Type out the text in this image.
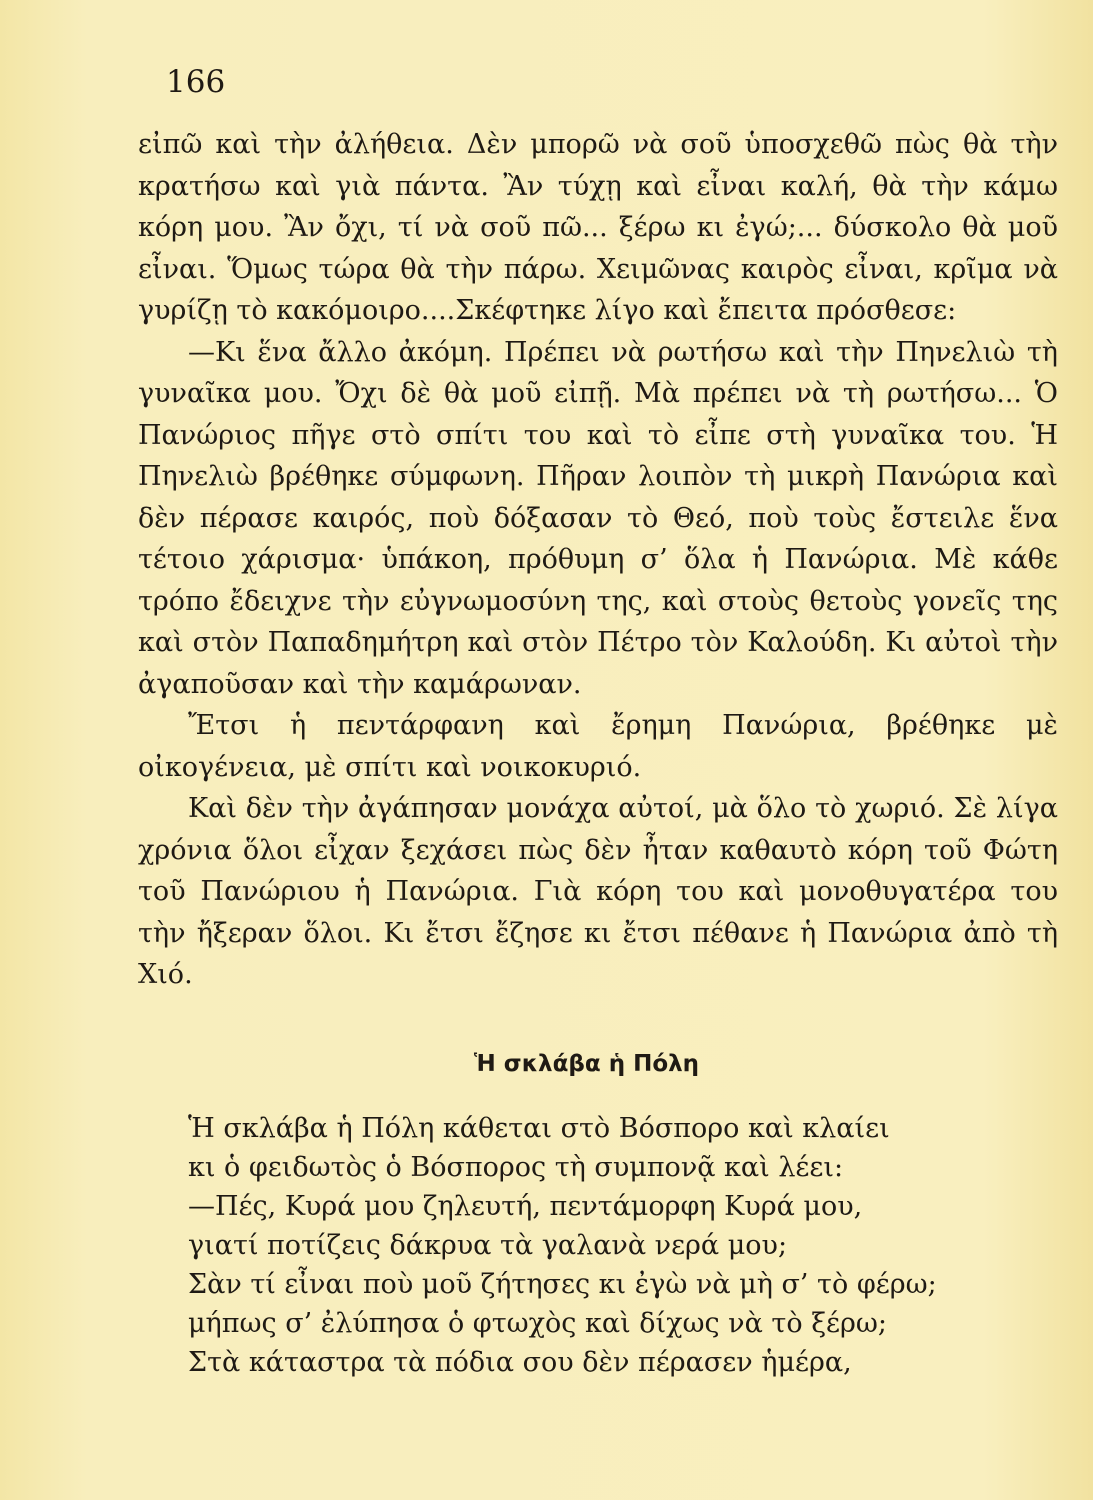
166

εἰπῶ καὶ τὴν ἀλήθεια. Δὲν μπορῶ νὰ σοῦ ὑποσχεθῶ πὼς θὰ τὴν κρατήσω καὶ γιὰ πάντα. Ἂν τύχῃ καὶ εἶναι καλή, θὰ τὴν κάμω κόρη μου. Ἂν ὄχι, τί νὰ σοῦ πῶ... ξέρω κι ἐγώ;... δύσκολο θὰ μοῦ εἶναι. Ὅμως τώρα θὰ τὴν πάρω. Χειμῶνας καιρὸς εἶναι, κρῖμα νὰ γυρίζῃ τὸ κακόμοιρο....Σκέφτηκε λίγο καὶ ἔπειτα πρόσθεσε:

—Κι ἕνα ἄλλο ἀκόμη. Πρέπει νὰ ρωτήσω καὶ τὴν Πηνελιὼ τὴ γυναῖκα μου. Ὄχι δὲ θὰ μοῦ εἰπῇ. Μὰ πρέπει νὰ τὴ ρωτήσω... Ὁ Πανώριος πῆγε στὸ σπίτι του καὶ τὸ εἶπε στὴ γυναῖκα του. Ἡ Πηνελιὼ βρέθηκε σύμφωνη. Πῆραν λοιπὸν τὴ μικρὴ Πανώρια καὶ δὲν πέρασε καιρός, ποὺ δόξασαν τὸ Θεό, ποὺ τοὺς ἔστειλε ἕνα τέτοιο χάρισμα· ὑπάκοη, πρόθυμη σ’ ὅλα ἡ Πανώρια. Μὲ κάθε τρόπο ἔδειχνε τὴν εὐγνωμοσύνη της, καὶ στοὺς θετοὺς γονεῖς της καὶ στὸν Παπαδημήτρη καὶ στὸν Πέτρο τὸν Καλούδη. Κι αὐτοὶ τὴν ἀγαποῦσαν καὶ τὴν καμάρωναν.

Ἔτσι ἡ πεντάρφανη καὶ ἔρημη Πανώρια, βρέθηκε μὲ οἰκογένεια, μὲ σπίτι καὶ νοικοκυριό.

Καὶ δὲν τὴν ἀγάπησαν μονάχα αὐτοί, μὰ ὅλο τὸ χωριό. Σὲ λίγα χρόνια ὅλοι εἶχαν ξεχάσει πὼς δὲν ἦταν καθαυτὸ κόρη τοῦ Φώτη τοῦ Πανώριου ἡ Πανώρια. Γιὰ κόρη του καὶ μονοθυγατέρα του τὴν ἤξεραν ὅλοι. Κι ἔτσι ἔζησε κι ἔτσι πέθανε ἡ Πανώρια ἀπὸ τὴ Χιό.

Ἡ σκλάβα ἡ Πόλη
Ἡ σκλάβα ἡ Πόλη κάθεται στὸ Βόσπορο καὶ κλαίει
κι ὁ φειδωτὸς ὁ Βόσπορος τὴ συμπονᾷ καὶ λέει:
—Πές, Κυρά μου ζηλευτή, πεντάμορφη Κυρά μου,
γιατί ποτίζεις δάκρυα τὰ γαλανὰ νερά μου;
Σὰν τί εἶναι ποὺ μοῦ ζήτησες κι ἐγὼ νὰ μὴ σ’ τὸ φέρω;
μήπως σ’ ἐλύπησα ὁ φτωχὸς καὶ δίχως νὰ τὸ ξέρω;
Στὰ κάταστρα τὰ πόδια σου δὲν πέρασεν ἡμέρα,
